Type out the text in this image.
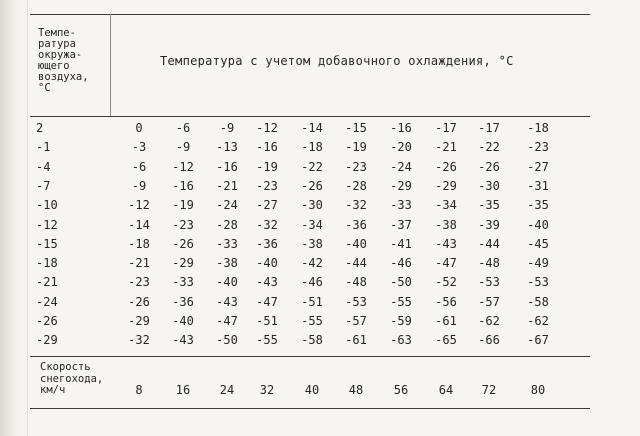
Темпе-
ратура
окружа-
ющего
воздуха,
°C
Температура с учетом добавочного охлаждения, °C
2	0	-6	-9	-12	-14	-15	-16	-17	-17	-18
-1	-3	-9	-13	-16	-18	-19	-20	-21	-22	-23
-4	-6	-12	-16	-19	-22	-23	-24	-26	-26	-27
-7	-9	-16	-21	-23	-26	-28	-29	-29	-30	-31
-10	-12	-19	-24	-27	-30	-32	-33	-34	-35	-35
-12	-14	-23	-28	-32	-34	-36	-37	-38	-39	-40
-15	-18	-26	-33	-36	-38	-40	-41	-43	-44	-45
-18	-21	-29	-38	-40	-42	-44	-46	-47	-48	-49
-21	-23	-33	-40	-43	-46	-48	-50	-52	-53	-53
-24	-26	-36	-43	-47	-51	-53	-55	-56	-57	-58
-26	-29	-40	-47	-51	-55	-57	-59	-61	-62	-62
-29	-32	-43	-50	-55	-58	-61	-63	-65	-66	-67
Скорость
снегохода,
км/ч	8	16	24	32	40	48	56	64	72	80
